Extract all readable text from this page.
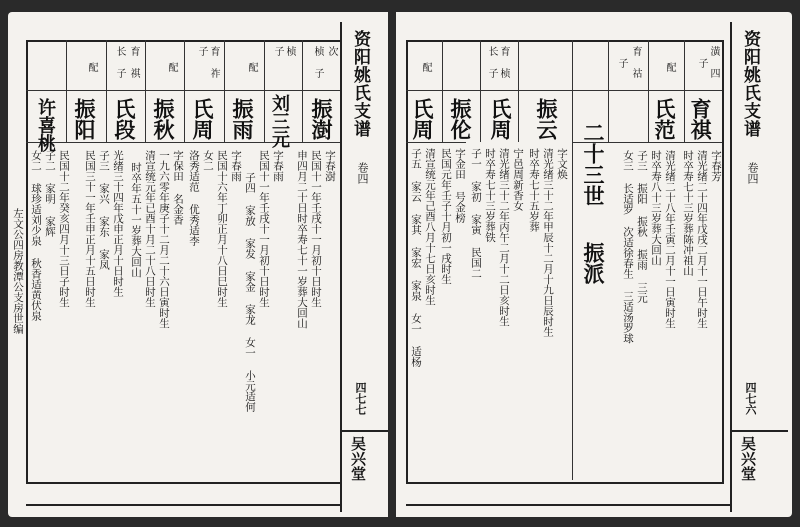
资阳姚氏支谱
卷四
四七七
吴兴堂
次
桢
子
桢
子
配
育
祚
子
配
育
祺
长
子
配
振澍
刘三元
振雨
氏周
振秋
氏段
振阳
许喜桃
字春澍
民国十一年壬戌十一月初十日时生
申四月二十日时卒寿七十一岁葬大回山
字春雨
民国十一年壬戌十一月初十日时生
子四 家放 家发 家金 家龙 女一 小元适何
字春雨
民国十六年丁卯正月十八日巳时生
女二
洛秀适范 优秀适李
字保田 名金香
一九六零年庚子十二月二十六日寅时生
清宣统元年已酉十月二十八日时生
时卒年五十一岁葬大回山
光绪三十四年戊申正月十日时生
子三 家兴 家东 家凤
民国三十一年壬申正月十五日时生
民国十二年癸亥四月十三日子时生
子二 家明 家辉
女二 球珍适刘少泉 秋香适黄伏泉
左文公四房教潭公支房世编
资阳姚氏支谱
卷四
四七六
吴兴堂
潢
四
子
配
育
祜
子
育
桢
长
子
配
二十三世
振派
育祺
氏范
振云
氏周
振伦
氏周
字春芳
清光绪二十四年戊戌二月十一日午时生
时卒寿七十三岁葬陈冲祖山
清光绪二十八年壬寅二月十一日寅时生
时卒寿八十三岁葬大回山
子三 振阳 振秋 振雨 三元
女三 长适罗 次适徐春生 三适汤罗球
字文焕
清光绪三十二年甲辰十二月十九日辰时生
时卒寿七十五岁葬
宁邑周新香女
清光绪三十二年丙午二月十二日亥时生
时卒寿七十三岁葬铁
子一 家初 家寅 民国二
字金田 号金榜
民国元年壬子十月初一戌时生
清宣统元年己酉八月十七日亥时生
子五 家云 家其 家宏 家泉 女一 适杨
